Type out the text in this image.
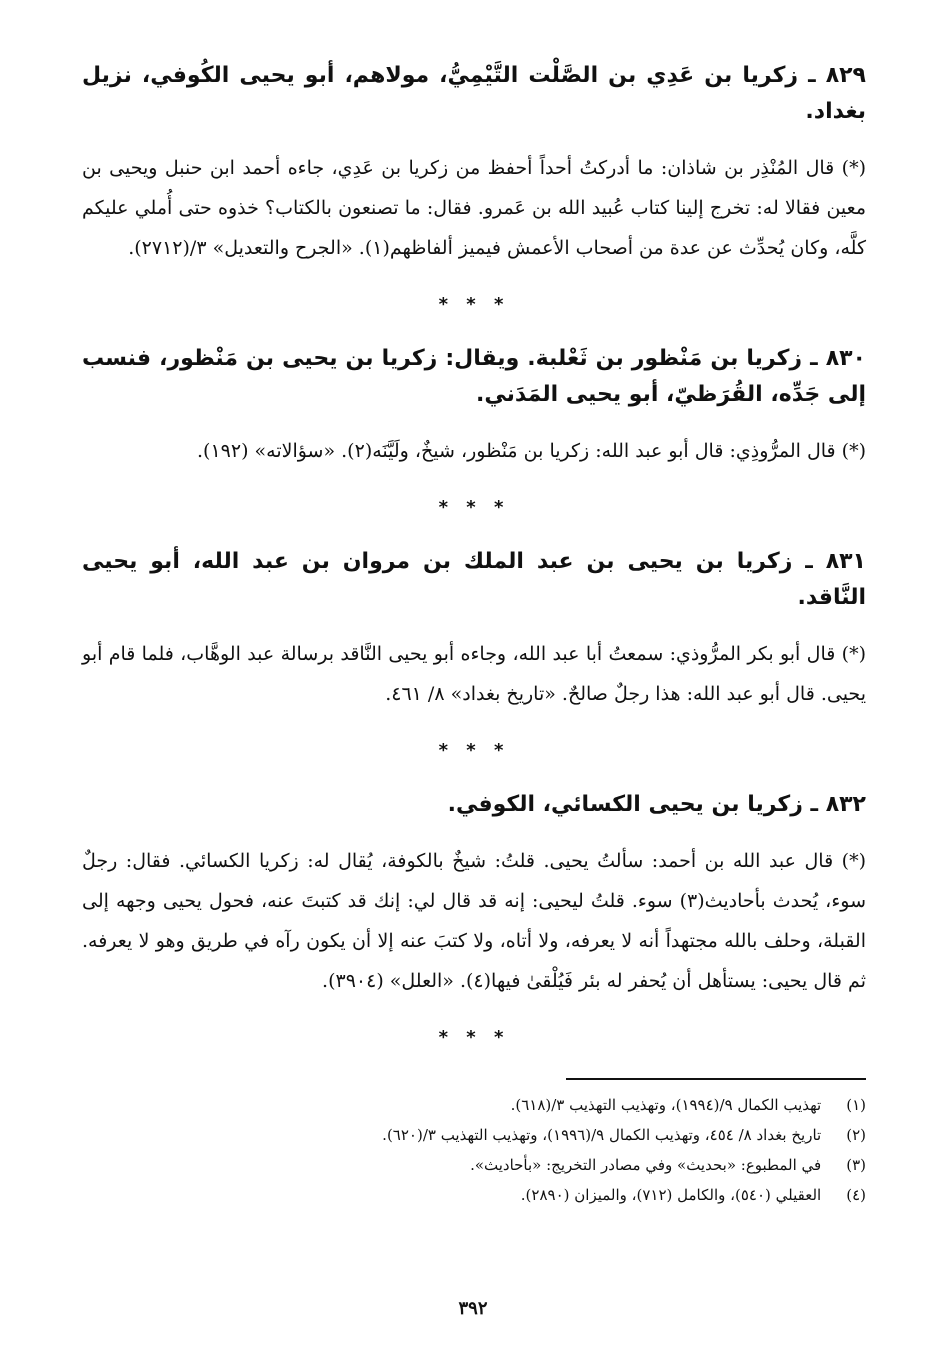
٨٢٩ ـ زكريا بن عَدِي بن الصَّلْت التَّيْمِيُّ، مولاهم، أبو يحيى الكُوفي، نزيل بغداد.

(*) قال المُنْذِر بن شاذان: ما أدركتُ أحداً أحفظ من زكريا بن عَدِي، جاءه أحمد ابن حنبل ويحيى بن معين فقالا له: تخرج إلينا كتاب عُبيد الله بن عَمرو. فقال: ما تصنعون بالكتاب؟ خذوه حتى أُملي عليكم كلَّه، وكان يُحدِّث عن عدة من أصحاب الأعمش فيميز ألفاظهم(١). «الجرح والتعديل» ٣/(٢٧١٢).

* * *

٨٣٠ ـ زكريا بن مَنْظور بن ثَعْلبة. ويقال: زكريا بن يحيى بن مَنْظور، فنسب إلى جَدِّه، القُرَظيّ، أبو يحيى المَدَني.

(*) قال المرُّوذِي: قال أبو عبد الله: زكريا بن مَنْظور، شيخٌ، ولَيَّنَه(٢). «سؤالاته» (١٩٢).

* * *

٨٣١ ـ زكريا بن يحيى بن عبد الملك بن مروان بن عبد الله، أبو يحيى النَّاقد.

(*) قال أبو بكر المرُّوذي: سمعتُ أبا عبد الله، وجاءه أبو يحيى النَّاقد برسالة عبد الوهَّاب، فلما قام أبو يحيى. قال أبو عبد الله: هذا رجلٌ صالحٌ. «تاريخ بغداد» ٨/ ٤٦١.

* * *

٨٣٢ ـ زكريا بن يحيى الكسائي، الكوفي.

(*) قال عبد الله بن أحمد: سألتُ يحيى. قلتُ: شيخٌ بالكوفة، يُقال له: زكريا الكسائي. فقال: رجلٌ سوء، يُحدث بأحاديث(٣) سوء. قلتُ ليحيى: إنه قد قال لي: إنك قد كتبتَ عنه، فحول يحيى وجهه إلى القبلة، وحلف بالله مجتهداً أنه لا يعرفه، ولا أتاه، ولا كتبَ عنه إلا أن يكون رآه في طريق وهو لا يعرفه. ثم قال يحيى: يستأهل أن يُحفر له بئر فَيُلْقىٰ فيها(٤). «العلل» (٣٩٠٤).

* * *
(١) تهذيب الكمال ٩/(١٩٩٤)، وتهذيب التهذيب ٣/(٦١٨).
(٢) تاريخ بغداد ٨/ ٤٥٤، وتهذيب الكمال ٩/(١٩٩٦)، وتهذيب التهذيب ٣/(٦٢٠).
(٣) في المطبوع: «بحديث» وفي مصادر التخريج: «بأحاديث».
(٤) العقيلي (٥٤٠)، والكامل (٧١٢)، والميزان (٢٨٩٠).
٣٩٢
